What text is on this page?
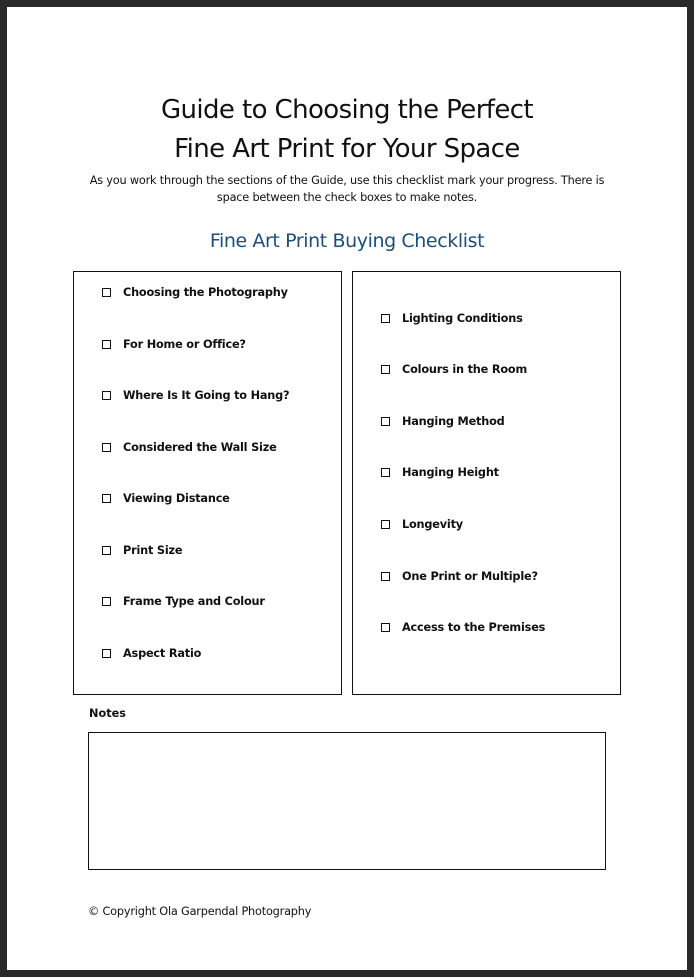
Guide to Choosing the Perfect
Fine Art Print for Your Space
As you work through the sections of the Guide, use this checklist mark your progress. There is
space between the check boxes to make notes.
Fine Art Print Buying Checklist
Choosing the Photography
For Home or Office?
Where Is It Going to Hang?
Considered the Wall Size
Viewing Distance
Print Size
Frame Type and Colour
Aspect Ratio
Lighting Conditions
Colours in the Room
Hanging Method
Hanging Height
Longevity
One Print or Multiple?
Access to the Premises
Notes
© Copyright Ola Garpendal Photography
